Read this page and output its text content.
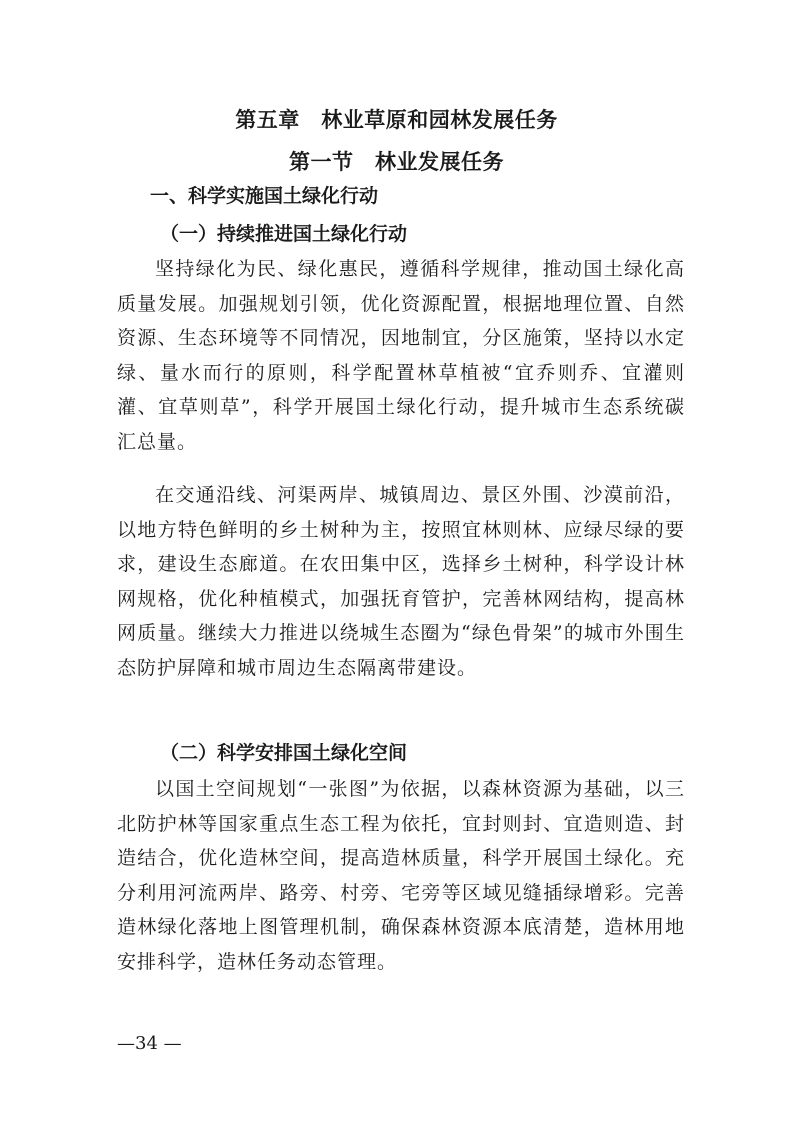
第五章　林业草原和园林发展任务
第一节　林业发展任务
一、科学实施国土绿化行动
（一）持续推进国土绿化行动

坚持绿化为民、绿化惠民，遵循科学规律，推动国土绿化高质量发展。加强规划引领，优化资源配置，根据地理位置、自然资源、生态环境等不同情况，因地制宜，分区施策，坚持以水定绿、量水而行的原则，科学配置林草植被“宜乔则乔、宜灌则灌、宜草则草”，科学开展国土绿化行动，提升城市生态系统碳汇总量。

在交通沿线、河渠两岸、城镇周边、景区外围、沙漠前沿，以地方特色鲜明的乡土树种为主，按照宜林则林、应绿尽绿的要求，建设生态廊道。在农田集中区，选择乡土树种，科学设计林网规格，优化种植模式，加强抚育管护，完善林网结构，提高林网质量。继续大力推进以绕城生态圈为“绿色骨架”的城市外围生态防护屏障和城市周边生态隔离带建设。

（二）科学安排国土绿化空间

以国土空间规划“一张图”为依据，以森林资源为基础，以三北防护林等国家重点生态工程为依托，宜封则封、宜造则造、封造结合，优化造林空间，提高造林质量，科学开展国土绿化。充分利用河流两岸、路旁、村旁、宅旁等区域见缝插绿增彩。完善造林绿化落地上图管理机制，确保森林资源本底清楚，造林用地安排科学，造林任务动态管理。

—34 —
